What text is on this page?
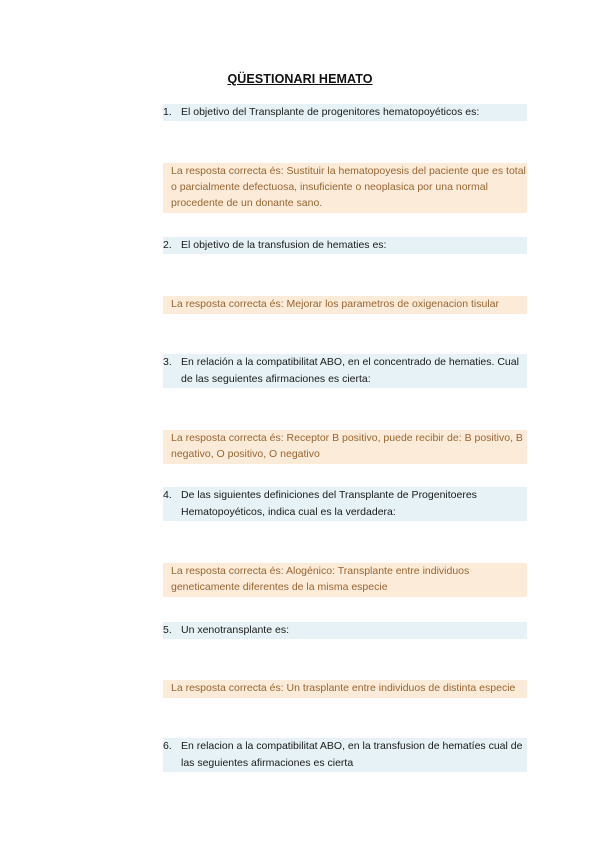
QÜESTIONARI HEMATO
1. El objetivo del Transplante de progenitores hematopoyéticos es:
La resposta correcta és: Sustituir la hematopoyesis del paciente que es total o parcialmente defectuosa, insuficiente o neoplasica por una normal procedente de un donante sano.
2. El objetivo de la transfusion de hematies es:
La resposta correcta és: Mejorar los parametros de oxigenacion tisular
3. En relación a la compatibilitat ABO, en el concentrado de hematies. Cual de las seguientes afirmaciones es cierta:
La resposta correcta és: Receptor B positivo, puede recibir de: B positivo, B negativo, O positivo, O negativo
4. De las siguientes definiciones del Transplante de Progenitoeres Hematopoyéticos, indica cual es la verdadera:
La resposta correcta és: Alogénico: Transplante entre individuos geneticamente diferentes de la misma especie
5. Un xenotransplante es:
La resposta correcta és: Un trasplante entre individuos de distinta especie
6. En relacion a la compatibilitat ABO, en la transfusion de hematíes cual de las seguientes afirmaciones es cierta
